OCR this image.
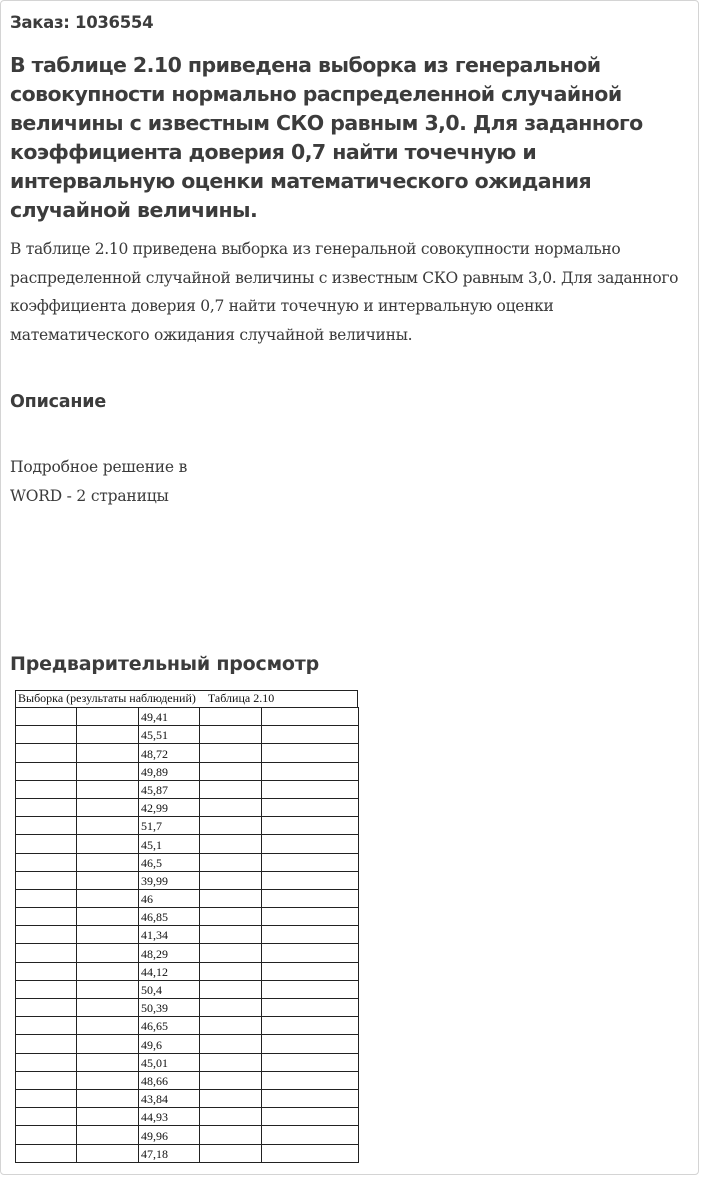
Заказ: 1036554
В таблице 2.10 приведена выборка из генеральной совокупности нормально распределенной случайной величины с известным СКО равным 3,0. Для заданного коэффициента доверия 0,7 найти точечную и интервальную оценки математического ожидания случайной величины.
В таблице 2.10 приведена выборка из генеральной совокупности нормально распределенной случайной величины с известным СКО равным 3,0. Для заданного коэффициента доверия 0,7 найти точечную и интервальную оценки математического ожидания случайной величины.
Описание
Подробное решение в
WORD - 2 страницы
Предварительный просмотр
Выборка (результаты наблюдений) Таблица 2.10
		49,41		
		45,51		
		48,72		
		49,89		
		45,87		
		42,99		
		51,7		
		45,1		
		46,5		
		39,99		
		46		
		46,85		
		41,34		
		48,29		
		44,12		
		50,4		
		50,39		
		46,65		
		49,6		
		45,01		
		48,66		
		43,84		
		44,93		
		49,96		
		47,18		
